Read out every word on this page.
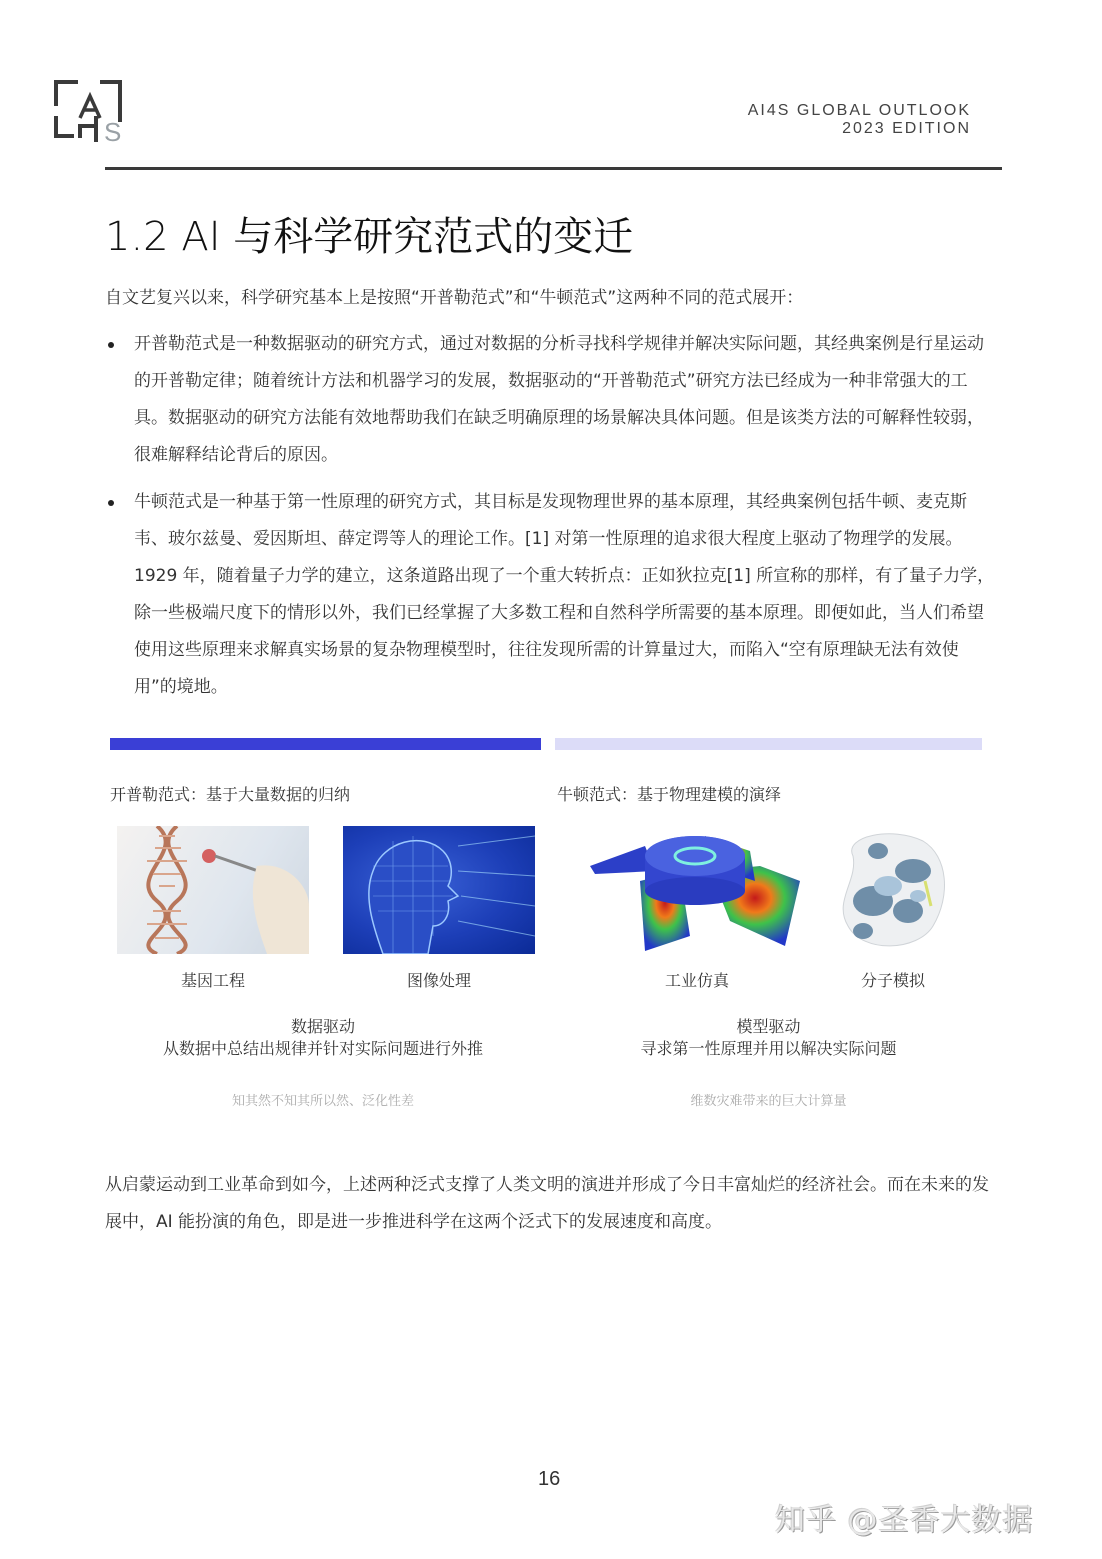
S
AI4S GLOBAL OUTLOOK
2023 EDITION
1.2 AI 与科学研究范式的变迁
自文艺复兴以来，科学研究基本上是按照“开普勒范式”和“牛顿范式”这两种不同的范式展开：
开普勒范式是一种数据驱动的研究方式，通过对数据的分析寻找科学规律并解决实际问题，其经典案例是行星运动的开普勒定律；随着统计方法和机器学习的发展，数据驱动的“开普勒范式”研究方法已经成为一种非常强大的工具。数据驱动的研究方法能有效地帮助我们在缺乏明确原理的场景解决具体问题。但是该类方法的可解释性较弱，很难解释结论背后的原因。
牛顿范式是一种基于第一性原理的研究方式，其目标是发现物理世界的基本原理，其经典案例包括牛顿、麦克斯韦、玻尔兹曼、爱因斯坦、薛定谔等人的理论工作。[1] 对第一性原理的追求很大程度上驱动了物理学的发展。1929 年，随着量子力学的建立，这条道路出现了一个重大转折点：正如狄拉克[1] 所宣称的那样，有了量子力学，除一些极端尺度下的情形以外，我们已经掌握了大多数工程和自然科学所需要的基本原理。即便如此，当人们希望使用这些原理来求解真实场景的复杂物理模型时，往往发现所需的计算量过大，而陷入“空有原理缺无法有效使用”的境地。
开普勒范式：基于大量数据的归纳	牛顿范式：基于物理建模的演绎
基因工程	图像处理	工业仿真	分子模拟
数据驱动
从数据中总结出规律并针对实际问题进行外推
模型驱动
寻求第一性原理并用以解决实际问题
知其然不知其所以然、泛化性差	维数灾难带来的巨大计算量
从启蒙运动到工业革命到如今，上述两种泛式支撑了人类文明的演进并形成了今日丰富灿烂的经济社会。而在未来的发展中，AI 能扮演的角色，即是进一步推进科学在这两个泛式下的发展速度和高度。
16
知乎 @圣香大数据
